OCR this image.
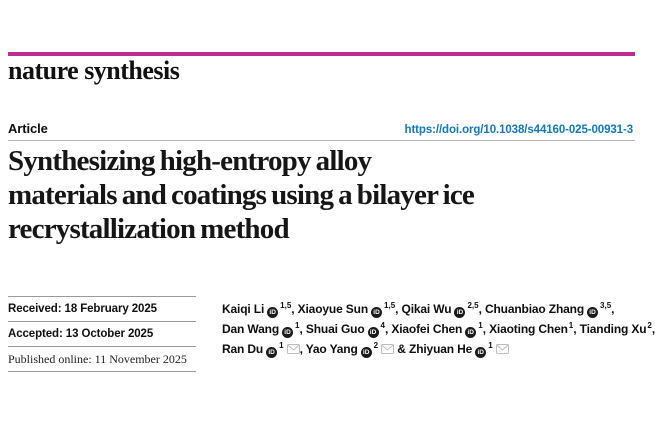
nature synthesis
Article	https://doi.org/10.1038/s44160-025-00931-3
Synthesizing high-entropy alloy
materials and coatings using a bilayer ice
recrystallization method
Received: 18 February 2025
Accepted: 13 October 2025
Published online: 11 November 2025
Kaiqi Li iD$^{1,5}$, Xiaoyue Sun iD$^{1,5}$, Qikai Wu iD$^{2,5}$, Chuanbiao Zhang iD$^{3,5}$,
Dan Wang $iD^1$, Shuai Guo $iD^4$, Xiaofei Chen $iD^1$, Xiaoting Chen$^1$, Tianding Xu$^2$,
Ran Du $iD^1$ , Yao Yang $iD^2$ & Zhiyuan He $iD^1$
